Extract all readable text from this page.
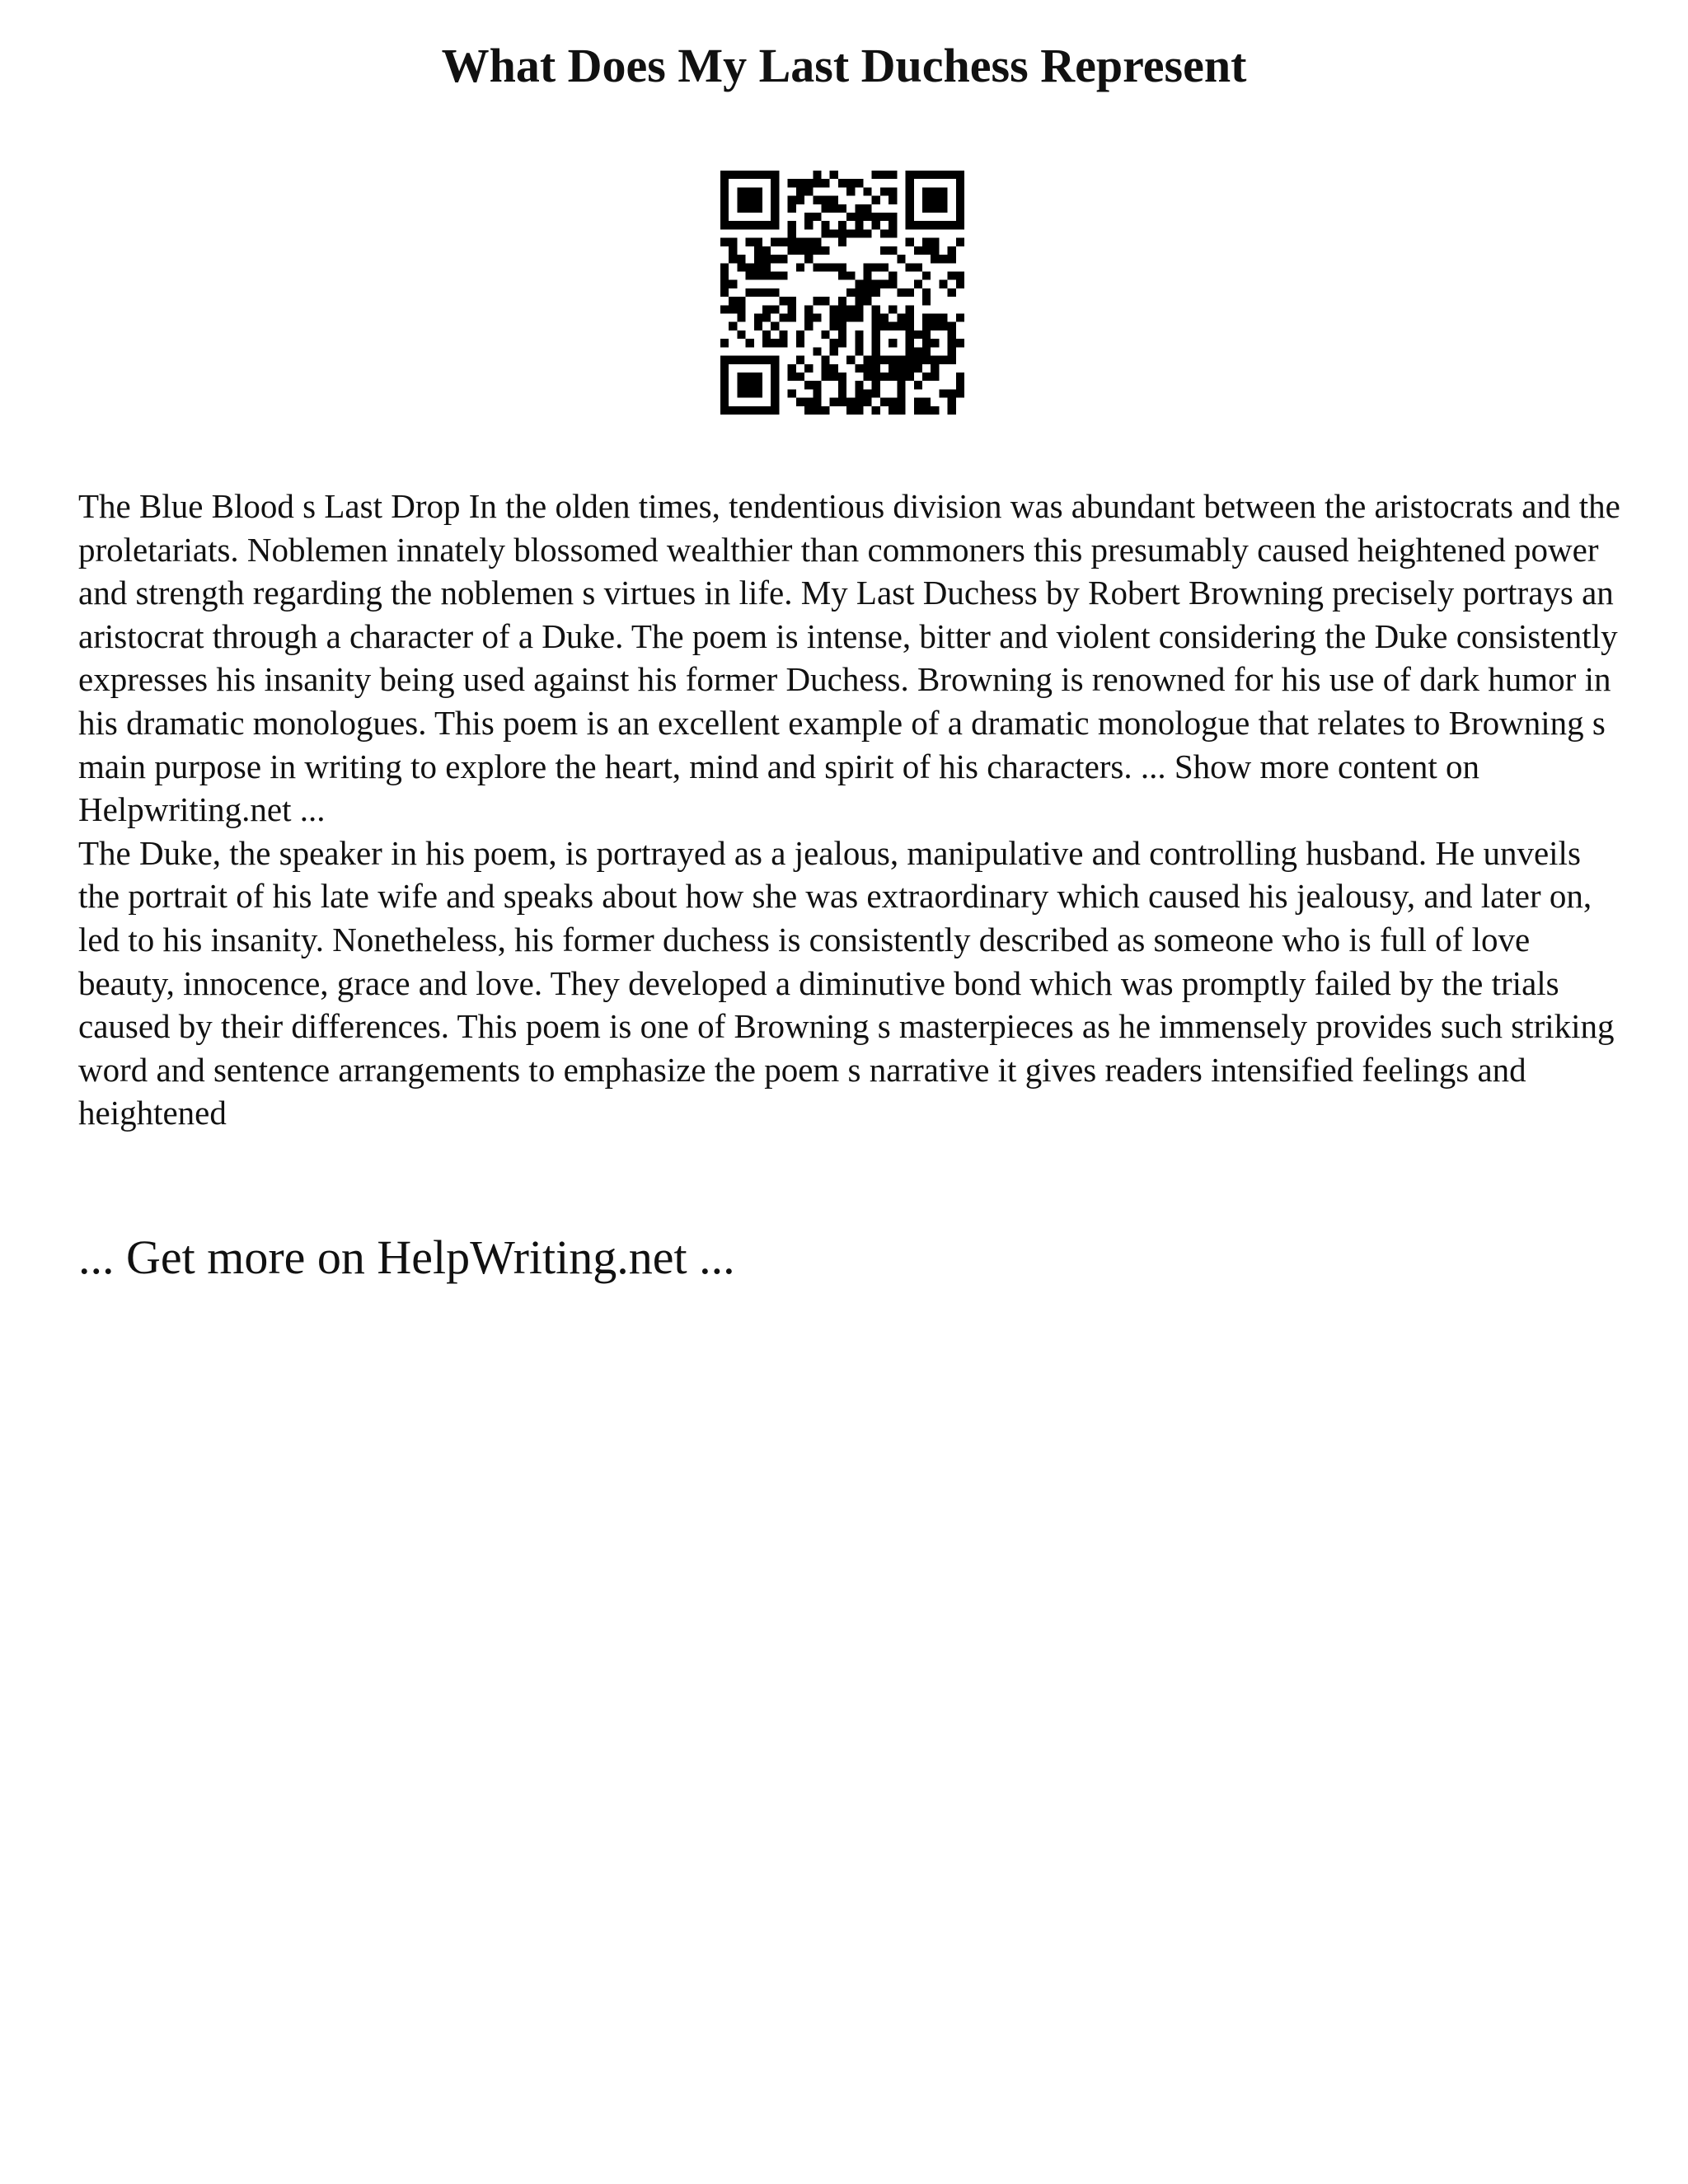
What Does My Last Duchess Represent

The Blue Blood s Last Drop In the olden times, tendentious division was abundant between the aristocrats and the proletariats. Noblemen innately blossomed wealthier than commoners this presumably caused heightened power and strength regarding the noblemen s virtues in life. My Last Duchess by Robert Browning precisely portrays an aristocrat through a character of a Duke. The poem is intense, bitter and violent considering the Duke consistently expresses his insanity being used against his former Duchess. Browning is renowned for his use of dark humor in his dramatic monologues. This poem is an excellent example of a dramatic monologue that relates to Browning s main purpose in writing to explore the heart, mind and spirit of his characters. ... Show more content on Helpwriting.net ...

The Duke, the speaker in his poem, is portrayed as a jealous, manipulative and controlling husband. He unveils the portrait of his late wife and speaks about how she was extraordinary which caused his jealousy, and later on, led to his insanity. Nonetheless, his former duchess is consistently described as someone who is full of love beauty, innocence, grace and love. They developed a diminutive bond which was promptly failed by the trials caused by their differences. This poem is one of Browning s masterpieces as he immensely provides such striking word and sentence arrangements to emphasize the poem s narrative it gives readers intensified feelings and heightened

... Get more on HelpWriting.net ...
